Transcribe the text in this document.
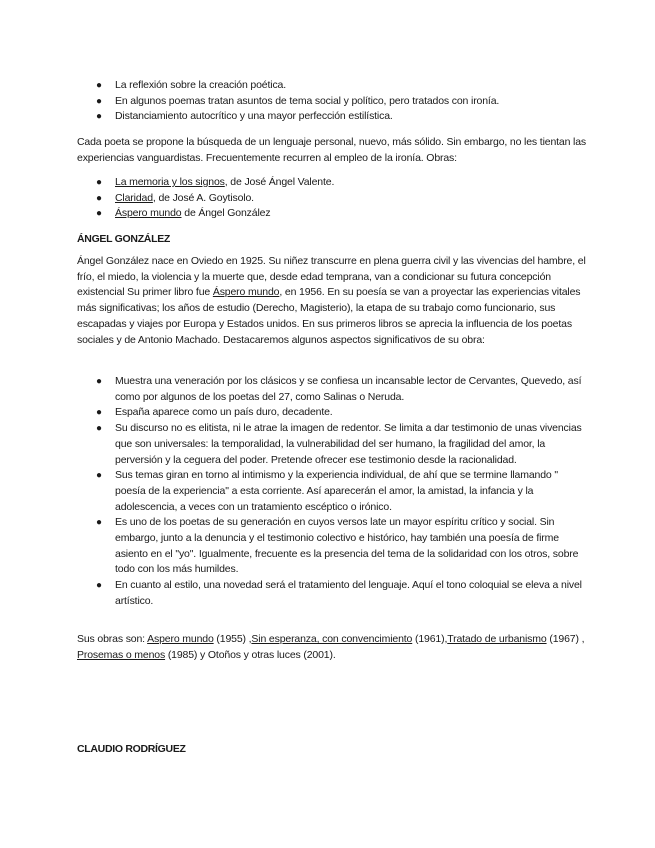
● La reflexión sobre la creación poética.
● En algunos poemas tratan asuntos de tema social y político, pero tratados con ironía.
● Distanciamiento autocrítico y una mayor perfección estilística.

Cada poeta se propone la búsqueda de un lenguaje personal, nuevo, más sólido. Sin embargo, no les tientan las experiencias vanguardistas. Frecuentemente recurren al empleo de la ironía. Obras:

● La memoria y los signos, de José Ángel Valente.
● Claridad, de José A. Goytisolo.
● Áspero mundo de Ángel González
ÁNGEL GONZÁLEZ

Ángel González nace en Oviedo en 1925. Su niñez transcurre en plena guerra civil y las vivencias del hambre, el frío, el miedo, la violencia y la muerte que, desde edad temprana, van a condicionar su futura concepción existencial Su primer libro fue Áspero mundo, en 1956. En su poesía se van a proyectar las experiencias vitales más significativas; los años de estudio (Derecho, Magisterio), la etapa de su trabajo como funcionario, sus escapadas y viajes por Europa y Estados unidos. En sus primeros libros se aprecia la influencia de los poetas sociales y de Antonio Machado. Destacaremos algunos aspectos significativos de su obra:

● Muestra una veneración por los clásicos y se confiesa un incansable lector de Cervantes, Quevedo, así como por algunos de los poetas del 27, como Salinas o Neruda.
● España aparece como un país duro, decadente.
● Su discurso no es elitista, ni le atrae la imagen de redentor. Se limita a dar testimonio de unas vivencias que son universales: la temporalidad, la vulnerabilidad del ser humano, la fragilidad del amor, la perversión y la ceguera del poder. Pretende ofrecer ese testimonio desde la racionalidad.
● Sus temas giran en torno al intimismo y la experiencia individual, de ahí que se termine llamando " poesía de la experiencia" a esta corriente. Así aparecerán el amor, la amistad, la infancia y la adolescencia, a veces con un tratamiento escéptico o irónico.
● Es uno de los poetas de su generación en cuyos versos late un mayor espíritu crítico y social. Sin embargo, junto a la denuncia y el testimonio colectivo e histórico, hay también una poesía de firme asiento en el "yo". Igualmente, frecuente es la presencia del tema de la solidaridad con los otros, sobre todo con los más humildes.
● En cuanto al estilo, una novedad será el tratamiento del lenguaje. Aquí el tono coloquial se eleva a nivel artístico.

Sus obras son: Aspero mundo (1955) ,Sin esperanza, con convencimiento (1961),Tratado de urbanismo (1967) , Prosemas o menos (1985) y Otoños y otras luces (2001).

CLAUDIO RODRÍGUEZ
